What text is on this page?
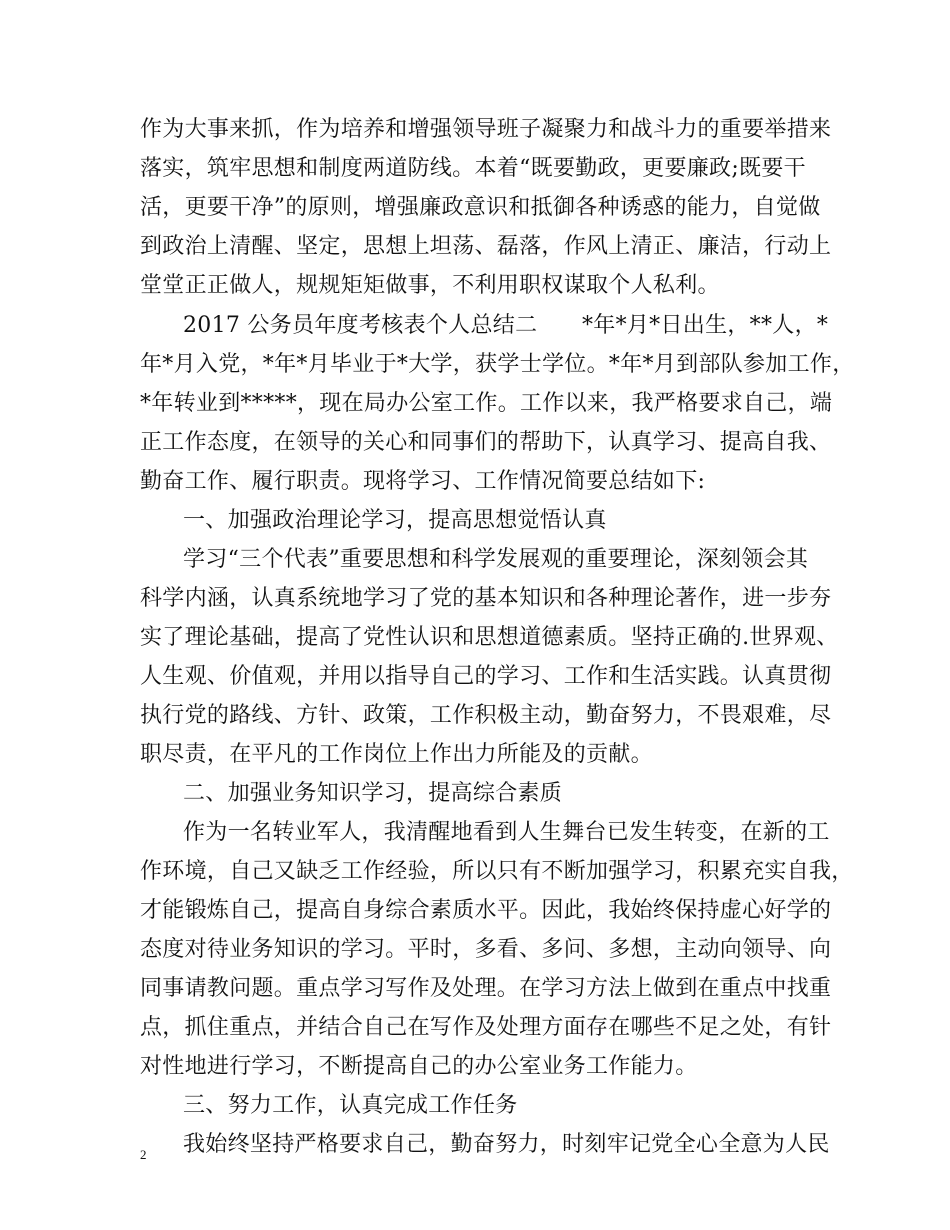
作为大事来抓，作为培养和增强领导班子凝聚力和战斗力的重要举措来
落实，筑牢思想和制度两道防线。本着“既要勤政，更要廉政;既要干
活，更要干净”的原则，增强廉政意识和抵御各种诱惑的能力，自觉做
到政治上清醒、坚定，思想上坦荡、磊落，作风上清正、廉洁，行动上
堂堂正正做人，规规矩矩做事，不利用职权谋取个人私利。
2017 公务员年度考核表个人总结二　　*年*月*日出生，**人，*
年*月入党，*年*月毕业于*大学，获学士学位。*年*月到部队参加工作，
*年转业到*****，现在局办公室工作。工作以来，我严格要求自己，端
正工作态度，在领导的关心和同事们的帮助下，认真学习、提高自我、
勤奋工作、履行职责。现将学习、工作情况简要总结如下:
一、加强政治理论学习，提高思想觉悟认真
学习“三个代表”重要思想和科学发展观的重要理论，深刻领会其
科学内涵，认真系统地学习了党的基本知识和各种理论著作，进一步夯
实了理论基础，提高了党性认识和思想道德素质。坚持正确的.世界观、
人生观、价值观，并用以指导自己的学习、工作和生活实践。认真贯彻
执行党的路线、方针、政策，工作积极主动，勤奋努力，不畏艰难，尽
职尽责，在平凡的工作岗位上作出力所能及的贡献。
二、加强业务知识学习，提高综合素质
作为一名转业军人，我清醒地看到人生舞台已发生转变，在新的工
作环境，自己又缺乏工作经验，所以只有不断加强学习，积累充实自我，
才能锻炼自己，提高自身综合素质水平。因此，我始终保持虚心好学的
态度对待业务知识的学习。平时，多看、多问、多想，主动向领导、向
同事请教问题。重点学习写作及处理。在学习方法上做到在重点中找重
点，抓住重点，并结合自己在写作及处理方面存在哪些不足之处，有针
对性地进行学习，不断提高自己的办公室业务工作能力。
三、努力工作，认真完成工作任务
我始终坚持严格要求自己，勤奋努力，时刻牢记党全心全意为人民
2
